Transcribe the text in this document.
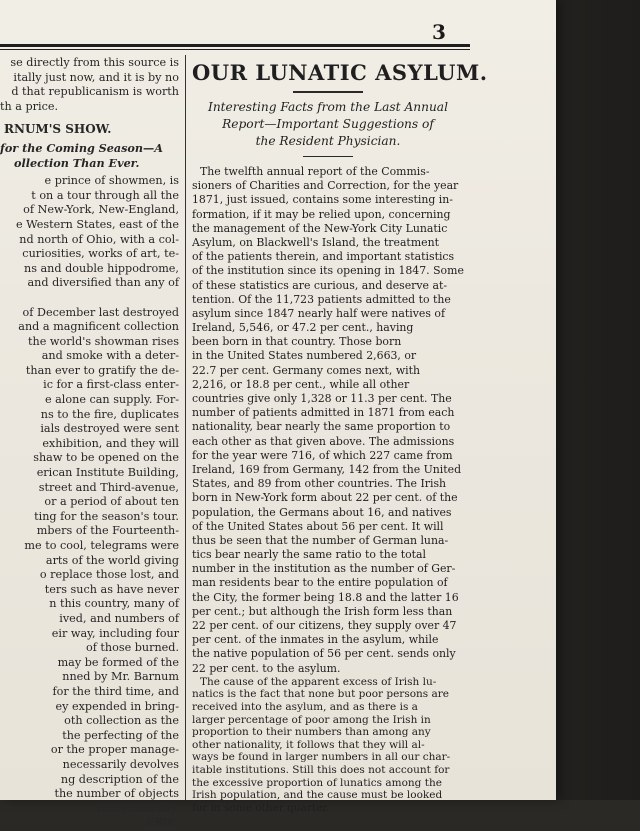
3
se directly from this source is
itally just now, and it is by no
d that republicanism is worth
th a price.
RNUM'S SHOW.
for the Coming Season—A
ollection Than Ever.
e prince of showmen, is
t on a tour through all the
of New-York, New-England,
e Western States, east of the
nd north of Ohio, with a col-
curiosities, works of art, te-
ns and double hippodrome,
and diversified than any of
of December last destroyed
and a magnificent collection
the world's showman rises
and smoke with a deter-
than ever to gratify the de-
ic for a first-class enter-
e alone can supply. For-
ns to the fire, duplicates
ials destroyed were sent
exhibition, and they will
shaw to be opened on the
erican Institute Building,
street and Third-avenue,
or a period of about ten
ting for the season's tour.
mbers of the Fourteenth-
me to cool, telegrams were
arts of the world giving
o replace those lost, and
ters such as have never
n this country, many of
ived, and numbers of
eir way, including four
of those burned.
may be formed of the
nned by Mr. Barnum
for the third time, and
ey expended in bring-
oth collection as the
the perfecting of the
or the proper manage-
necessarily devolves
ng description of the
the number of objects
rter yesterday.
ERIE.
OUR LUNATIC ASYLUM.
Interesting Facts from the Last Annual
Report—Important Suggestions of
the Resident Physician.
The twelfth annual report of the Commis-
sioners of Charities and Correction, for the year
1871, just issued, contains some interesting in-
formation, if it may be relied upon, concerning
the management of the New-York City Lunatic
Asylum, on Blackwell's Island, the treatment
of the patients therein, and important statistics
of the institution since its opening in 1847. Some
of these statistics are curious, and deserve at-
tention. Of the 11,723 patients admitted to the
asylum since 1847 nearly half were natives of
Ireland, 5,546, or 47.2 per cent., having
been born in that country. Those born
in the United States numbered 2,663, or
22.7 per cent. Germany comes next, with
2,216, or 18.8 per cent., while all other
countries give only 1,328 or 11.3 per cent. The
number of patients admitted in 1871 from each
nationality, bear nearly the same proportion to
each other as that given above. The admissions
for the year were 716, of which 227 came from
Ireland, 169 from Germany, 142 from the United
States, and 89 from other countries. The Irish
born in New-York form about 22 per cent. of the
population, the Germans about 16, and natives
of the United States about 56 per cent. It will
thus be seen that the number of German luna-
tics bear nearly the same ratio to the total
number in the institution as the number of Ger-
man residents bear to the entire population of
the City, the former being 18.8 and the latter 16
per cent.; but although the Irish form less than
22 per cent. of our citizens, they supply over 47
per cent. of the inmates in the asylum, while
the native population of 56 per cent. sends only
22 per cent. to the asylum.
The cause of the apparent excess of Irish lu-
natics is the fact that none but poor persons are
received into the asylum, and as there is a
larger percentage of poor among the Irish in
proportion to their numbers than among any
other nationality, it follows that they will al-
ways be found in larger numbers in all our char-
itable institutions. Still this does not account for
the excessive proportion of lunatics among the
Irish population, and the cause must be looked
for in some other quarter.
